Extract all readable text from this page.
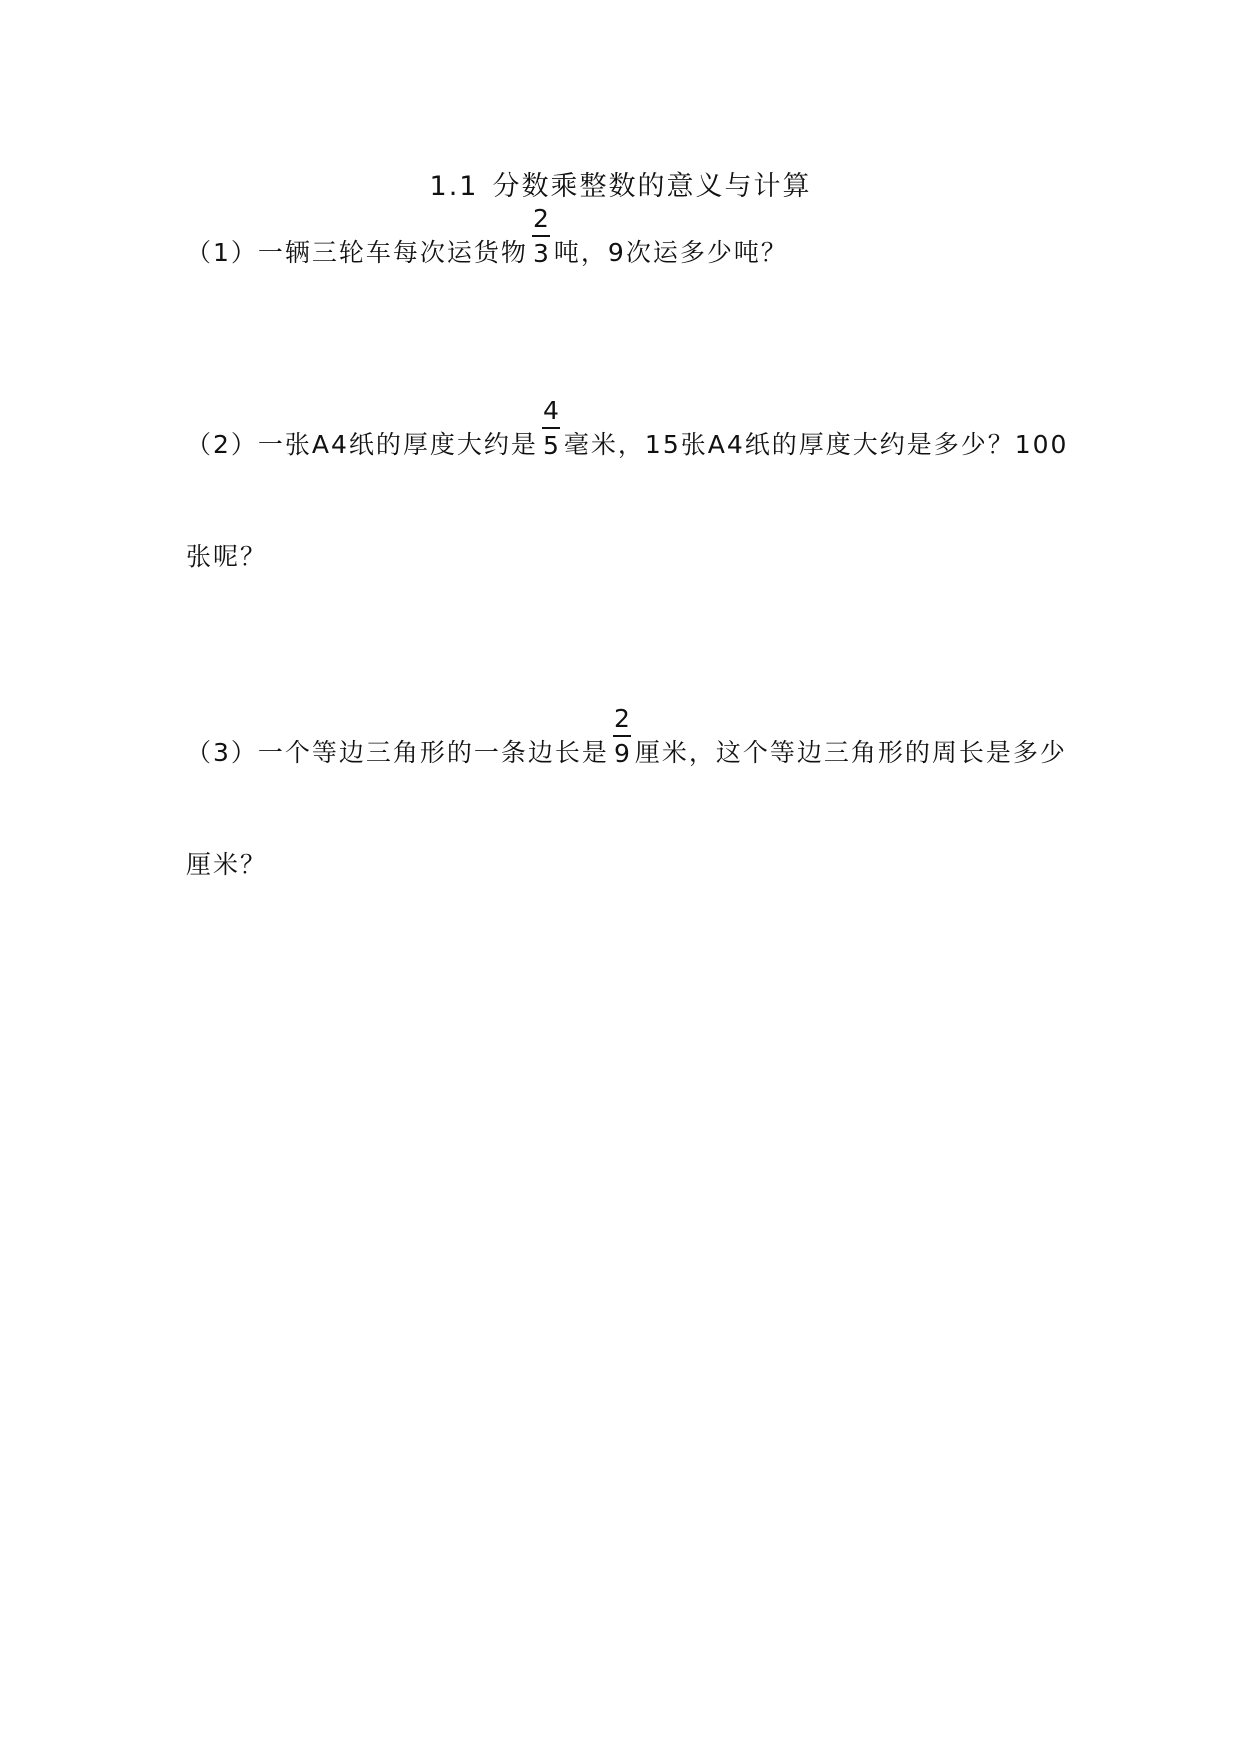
1.1 分数乘整数的意义与计算
（1）一辆三轮车每次运货物 $\frac{2}{3}$ 吨，9次运多少吨？
（2）一张A4纸的厚度大约是 $\frac{4}{5}$ 毫米，15张A4纸的厚度大约是多少？100
张呢？
（3）一个等边三角形的一条边长是 $\frac{2}{9}$ 厘米，这个等边三角形的周长是多少
厘米？
